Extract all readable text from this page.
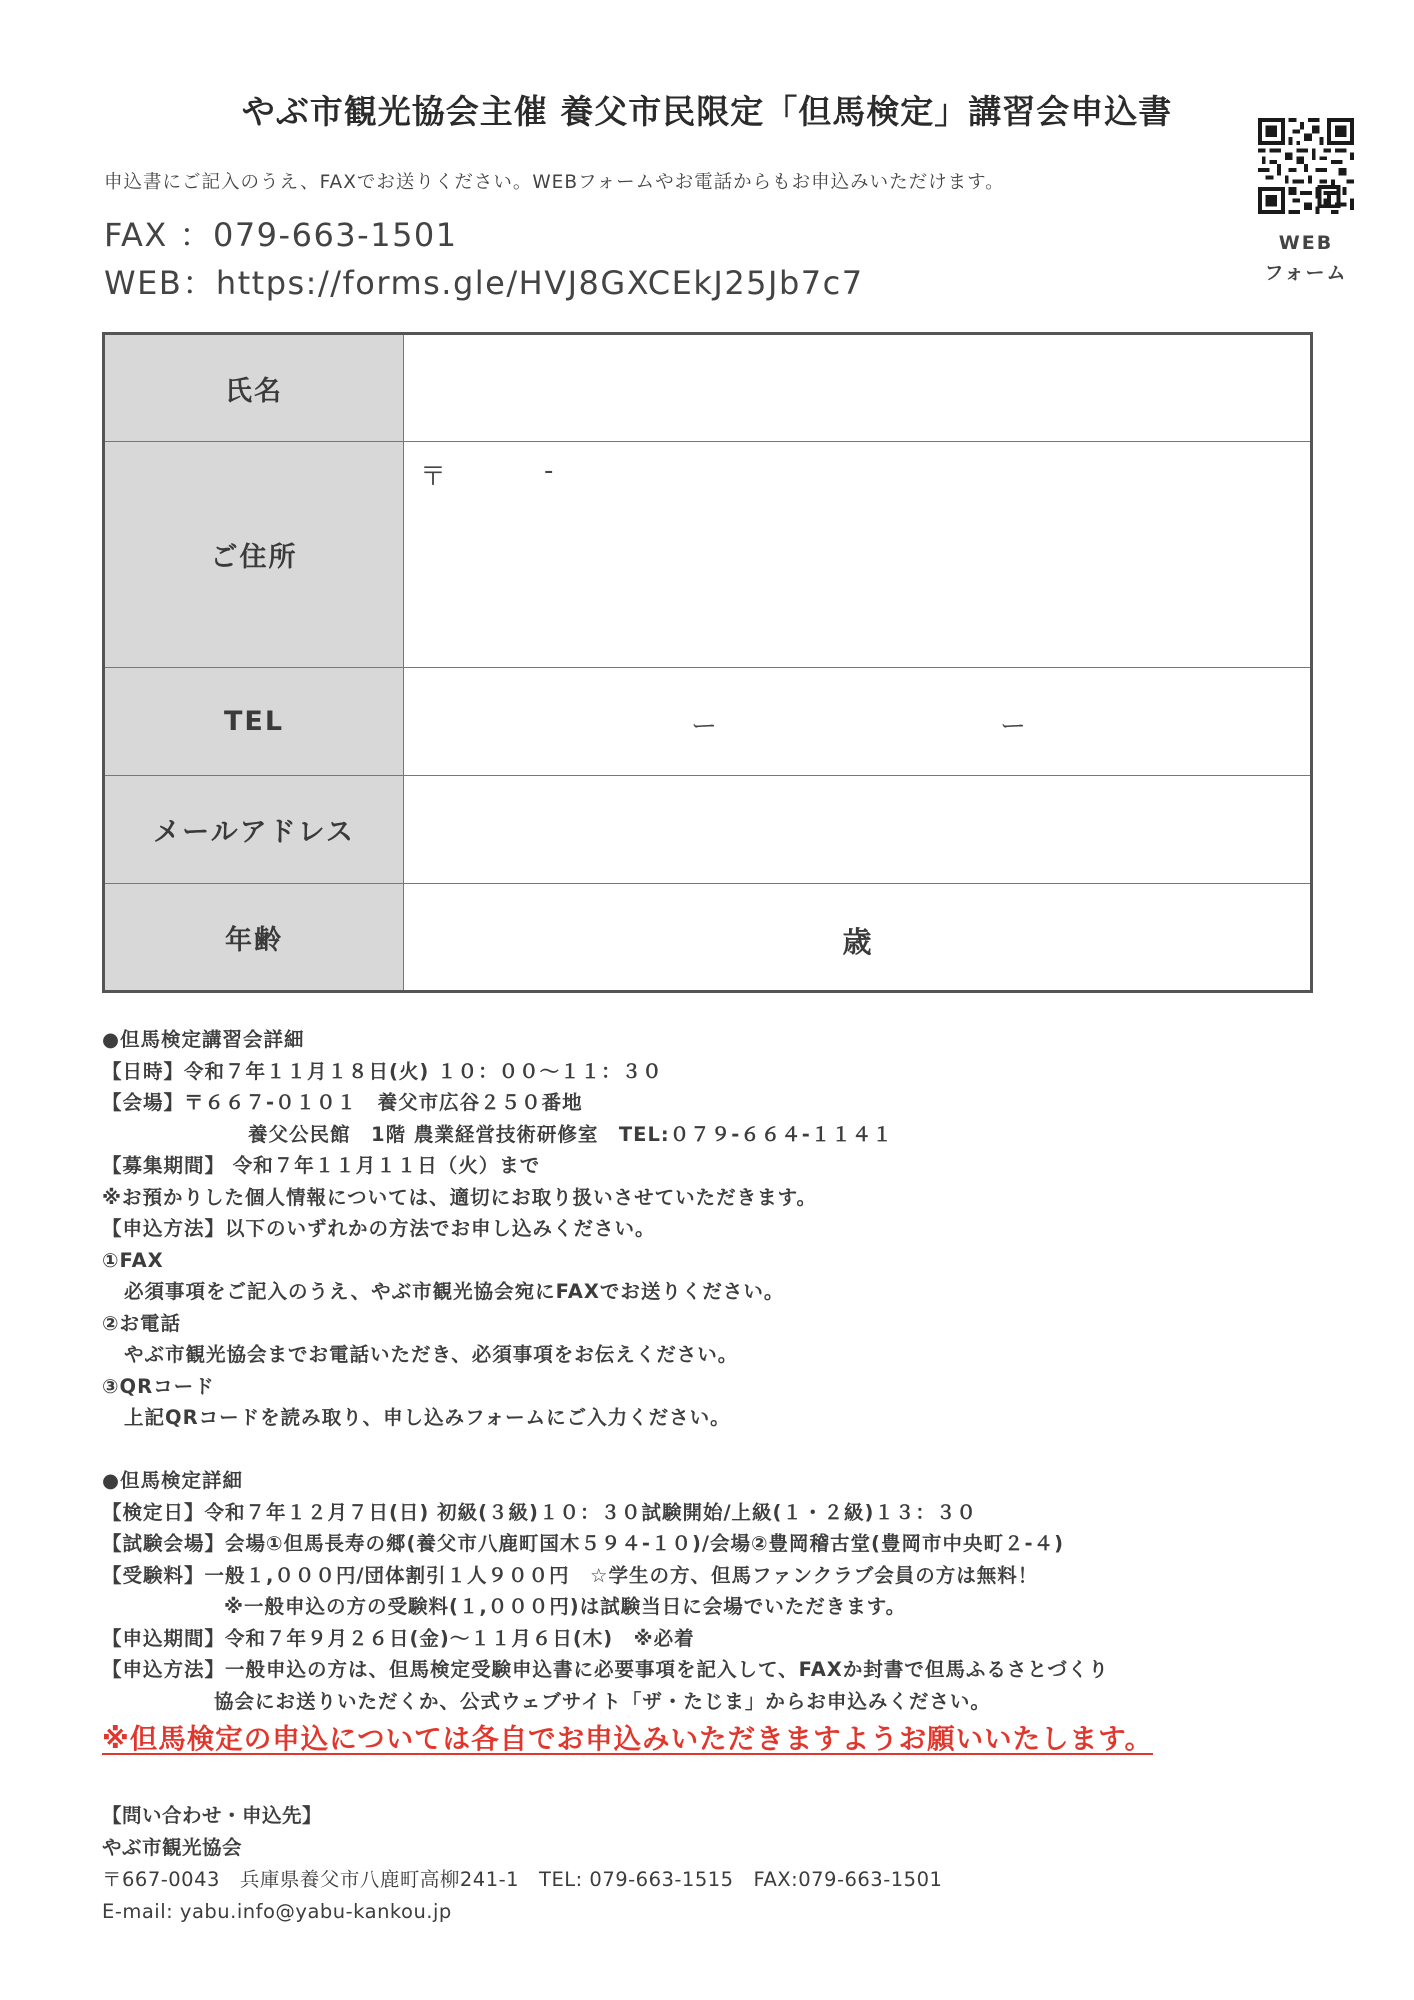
やぶ市観光協会主催 養父市民限定「但馬検定」講習会申込書
申込書にご記入のうえ、FAXでお送りください。WEBフォームやお電話からもお申込みいただけます。
FAX ：079-663-1501
WEB：https://forms.gle/HVJ8GXCEkJ25Jb7c7
WEB
フォーム
氏名	
ご住所	〒 -

TEL	ー ー

メールアドレス	
年齢	歳
●但馬検定講習会詳細
【日時】令和７年１１月１８日(火) １０：００～１１：３０
【会場】〒６６７-０１０１　養父市広谷２５０番地
養父公民館　1階 農業経営技術研修室　TEL:０７９-６６４-１１４１
【募集期間】 令和７年１１月１１日（火）まで
※お預かりした個人情報については、適切にお取り扱いさせていただきます。
【申込方法】以下のいずれかの方法でお申し込みください。
①FAX
必須事項をご記入のうえ、やぶ市観光協会宛にFAXでお送りください。
②お電話
やぶ市観光協会までお電話いただき、必須事項をお伝えください。
③QRコード
上記QRコードを読み取り、申し込みフォームにご入力ください。
●但馬検定詳細
【検定日】令和７年１２月７日(日) 初級(３級)１０：３０試験開始/上級(１・２級)１３：３０
【試験会場】会場①但馬長寿の郷(養父市八鹿町国木５９４-１０)/会場②豊岡稽古堂(豊岡市中央町２-４)
【受験料】一般１,０００円/団体割引１人９００円　☆学生の方、但馬ファンクラブ会員の方は無料！
※一般申込の方の受験料(１,０００円)は試験当日に会場でいただきます。
【申込期間】令和７年９月２６日(金)～１１月６日(木)　※必着
【申込方法】一般申込の方は、但馬検定受験申込書に必要事項を記入して、FAXか封書で但馬ふるさとづくり
協会にお送りいただくか、公式ウェブサイト「ザ・たじま」からお申込みください。
※但馬検定の申込については各自でお申込みいただきますようお願いいたします。
【問い合わせ・申込先】
やぶ市観光協会
〒667-0043　兵庫県養父市八鹿町高柳241-1　TEL: 079-663-1515　FAX:079-663-1501
E-mail: yabu.info@yabu-kankou.jp
